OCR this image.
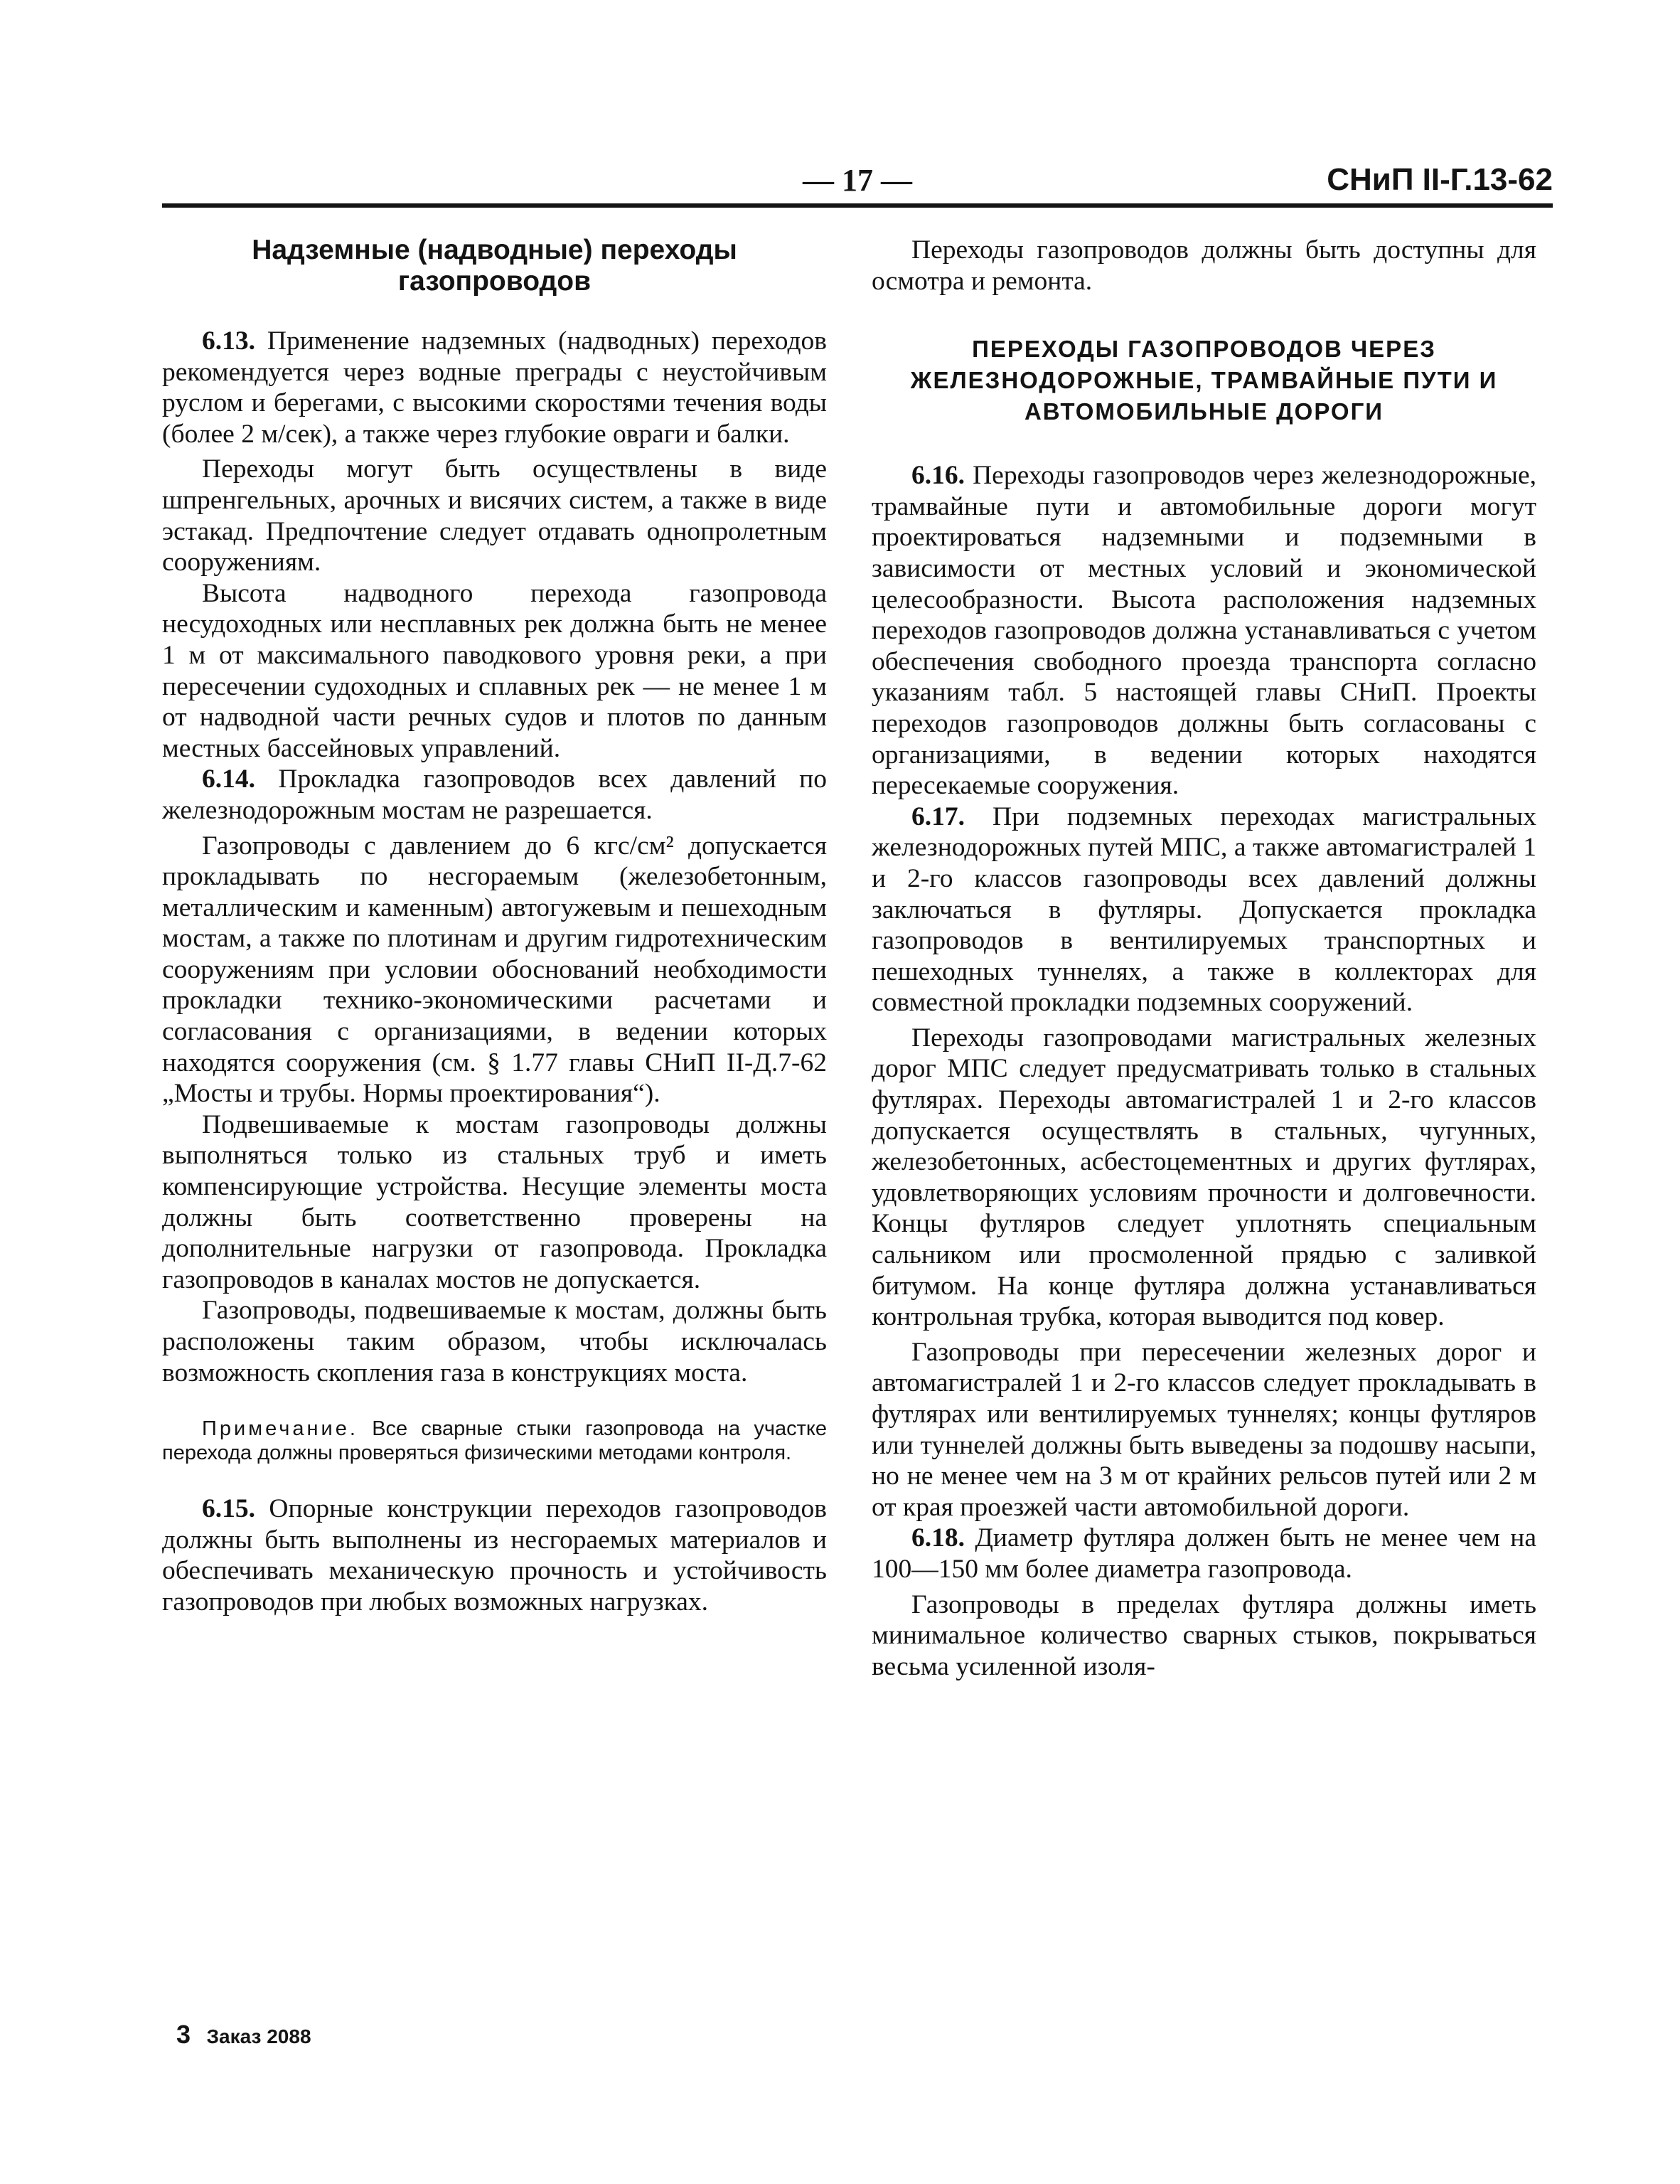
— 17 —	СНиП II-Г.13-62
Надземные (надводные) переходы газопроводов

6.13. Применение надземных (надводных) переходов рекомендуется через водные преграды с неустойчивым руслом и берегами, с высокими скоростями течения воды (более 2 м/сек), а также через глубокие овраги и балки.

Переходы могут быть осуществлены в виде шпренгельных, арочных и висячих систем, а также в виде эстакад. Предпочтение следует отдавать однопролетным сооружениям.

Высота надводного перехода газопровода несудоходных или несплавных рек должна быть не менее 1 м от максимального паводкового уровня реки, а при пересечении судоходных и сплавных рек — не менее 1 м от надводной части речных судов и плотов по данным местных бассейновых управлений.

6.14. Прокладка газопроводов всех давлений по железнодорожным мостам не разрешается.

Газопроводы с давлением до 6 кгс/см² допускается прокладывать по несгораемым (железобетонным, металлическим и каменным) автогужевым и пешеходным мостам, а также по плотинам и другим гидротехническим сооружениям при условии обоснований необходимости прокладки технико-экономическими расчетами и согласования с организациями, в ведении которых находятся сооружения (см. § 1.77 главы СНиП II-Д.7-62 „Мосты и трубы. Нормы проектирования“).

Подвешиваемые к мостам газопроводы должны выполняться только из стальных труб и иметь компенсирующие устройства. Несущие элементы моста должны быть соответственно проверены на дополнительные нагрузки от газопровода. Прокладка газопроводов в каналах мостов не допускается.

Газопроводы, подвешиваемые к мостам, должны быть расположены таким образом, чтобы исключалась возможность скопления газа в конструкциях моста.

Примечание. Все сварные стыки газопровода на участке перехода должны проверяться физическими методами контроля.

6.15. Опорные конструкции переходов газопроводов должны быть выполнены из несгораемых материалов и обеспечивать механическую прочность и устойчивость газопроводов при любых возможных нагрузках.

Переходы газопроводов должны быть доступны для осмотра и ремонта.

ПЕРЕХОДЫ ГАЗОПРОВОДОВ ЧЕРЕЗ ЖЕЛЕЗНОДОРОЖНЫЕ, ТРАМВАЙНЫЕ ПУТИ И АВТОМОБИЛЬНЫЕ ДОРОГИ

6.16. Переходы газопроводов через железнодорожные, трамвайные пути и автомобильные дороги могут проектироваться надземными и подземными в зависимости от местных условий и экономической целесообразности. Высота расположения надземных переходов газопроводов должна устанавливаться с учетом обеспечения свободного проезда транспорта согласно указаниям табл. 5 настоящей главы СНиП. Проекты переходов газопроводов должны быть согласованы с организациями, в ведении которых находятся пересекаемые сооружения.

6.17. При подземных переходах магистральных железнодорожных путей МПС, а также автомагистралей 1 и 2-го классов газопроводы всех давлений должны заключаться в футляры. Допускается прокладка газопроводов в вентилируемых транспортных и пешеходных туннелях, а также в коллекторах для совместной прокладки подземных сооружений.

Переходы газопроводами магистральных железных дорог МПС следует предусматривать только в стальных футлярах. Переходы автомагистралей 1 и 2-го классов допускается осуществлять в стальных, чугунных, железобетонных, асбестоцементных и других футлярах, удовлетворяющих условиям прочности и долговечности. Концы футляров следует уплотнять специальным сальником или просмоленной прядью с заливкой битумом. На конце футляра должна устанавливаться контрольная трубка, которая выводится под ковер.

Газопроводы при пересечении железных дорог и автомагистралей 1 и 2-го классов следует прокладывать в футлярах или вентилируемых туннелях; концы футляров или туннелей должны быть выведены за подошву насыпи, но не менее чем на 3 м от крайних рельсов путей или 2 м от края проезжей части автомобильной дороги.

6.18. Диаметр футляра должен быть не менее чем на 100—150 мм более диаметра газопровода.

Газопроводы в пределах футляра должны иметь минимальное количество сварных стыков, покрываться весьма усиленной изоля-

3 Заказ 2088
